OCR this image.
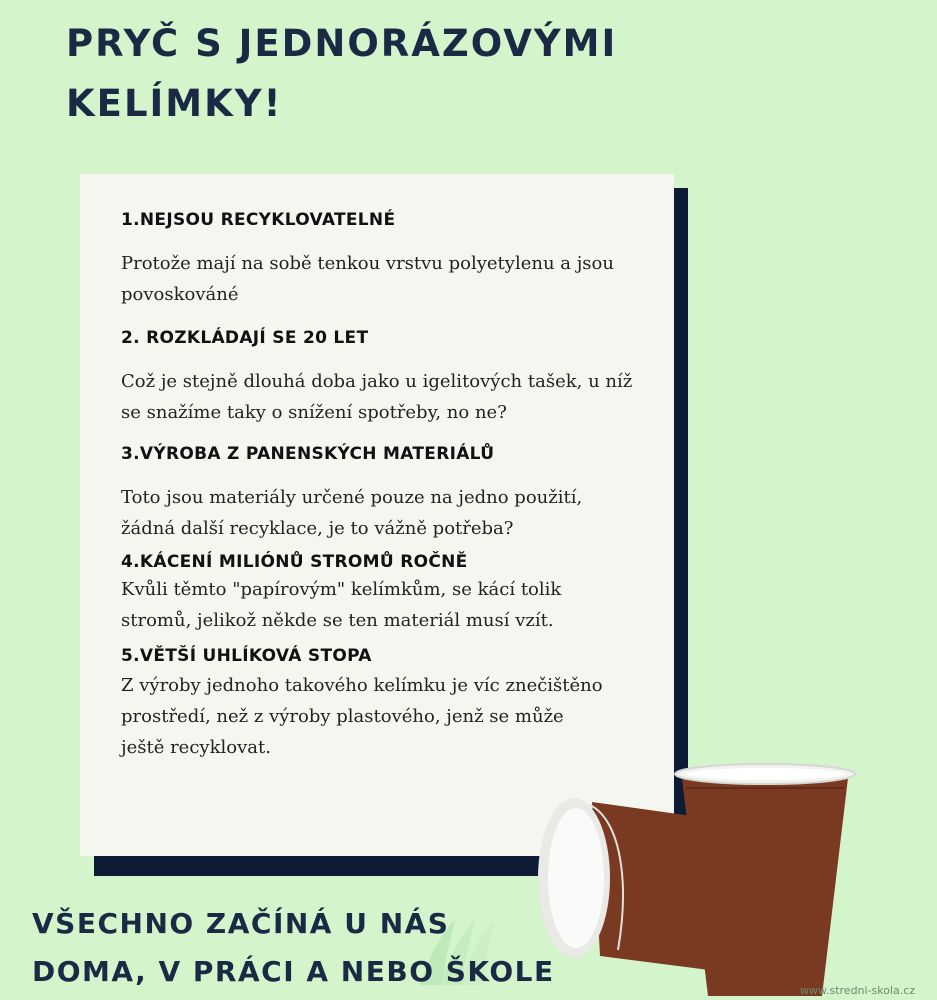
PRYČ S JEDNORÁZOVÝMI
KELÍMKY!
1.NEJSOU RECYKLOVATELNÉ
Protože mají na sobě tenkou vrstvu polyetylenu a jsou
povoskováné
2. ROZKLÁDAJÍ SE 20 LET
Což je stejně dlouhá doba jako u igelitových tašek, u níž
se snažíme taky o snížení spotřeby, no ne?
3.VÝROBA Z PANENSKÝCH MATERIÁLŮ
Toto jsou materiály určené pouze na jedno použití,
žádná další recyklace, je to vážně potřeba?
4.KÁCENÍ MILIÓNŮ STROMŮ ROČNĚ
Kvůli těmto "papírovým" kelímkům, se kácí tolik
stromů, jelikož někde se ten materiál musí vzít.
5.VĚTŠÍ UHLÍKOVÁ STOPA
Z výroby jednoho takového kelímku je víc znečištěno
prostředí, než z výroby plastového, jenž se může
ještě recyklovat.
VŠECHNO ZAČÍNÁ U NÁS
DOMA, V PRÁCI A NEBO ŠKOLE
www.stredni-skola.cz
